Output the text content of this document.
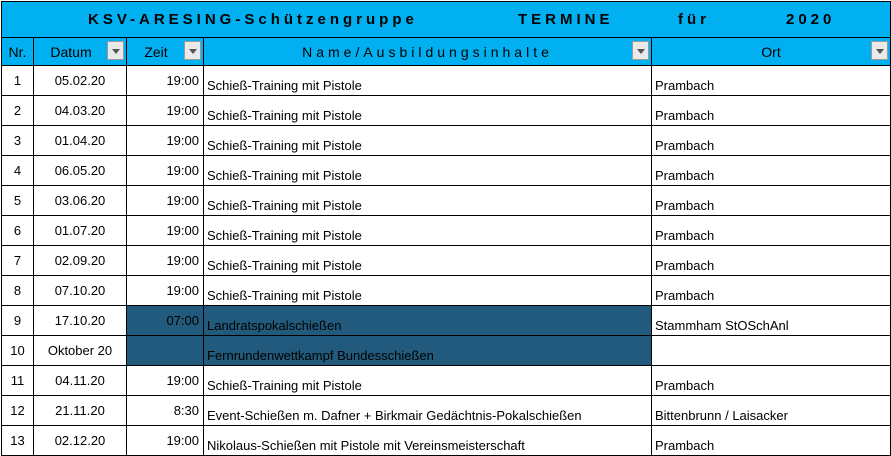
KSV-ARESING-Schützengruppe TERMINE für 2020				

Nr.	Datum	Zeit	Name/Ausbildungsinhalte	Ort

1	05.02.20	19:00	Schieß-Training mit Pistole	Prambach
2	04.03.20	19:00	Schieß-Training mit Pistole	Prambach
3	01.04.20	19:00	Schieß-Training mit Pistole	Prambach
4	06.05.20	19:00	Schieß-Training mit Pistole	Prambach
5	03.06.20	19:00	Schieß-Training mit Pistole	Prambach
6	01.07.20	19:00	Schieß-Training mit Pistole	Prambach
7	02.09.20	19:00	Schieß-Training mit Pistole	Prambach
8	07.10.20	19:00	Schieß-Training mit Pistole	Prambach
9	17.10.20	07:00	Landratspokalschießen	Stammham StOSchAnl
10	Oktober 20		Fernrundenwettkampf Bundesschießen	
11	04.11.20	19:00	Schieß-Training mit Pistole	Prambach
12	21.11.20	8:30	Event-Schießen m. Dafner + Birkmair Gedächtnis-Pokalschießen	Bittenbrunn / Laisacker
13	02.12.20	19:00	Nikolaus-Schießen mit Pistole mit Vereinsmeisterschaft	Prambach
